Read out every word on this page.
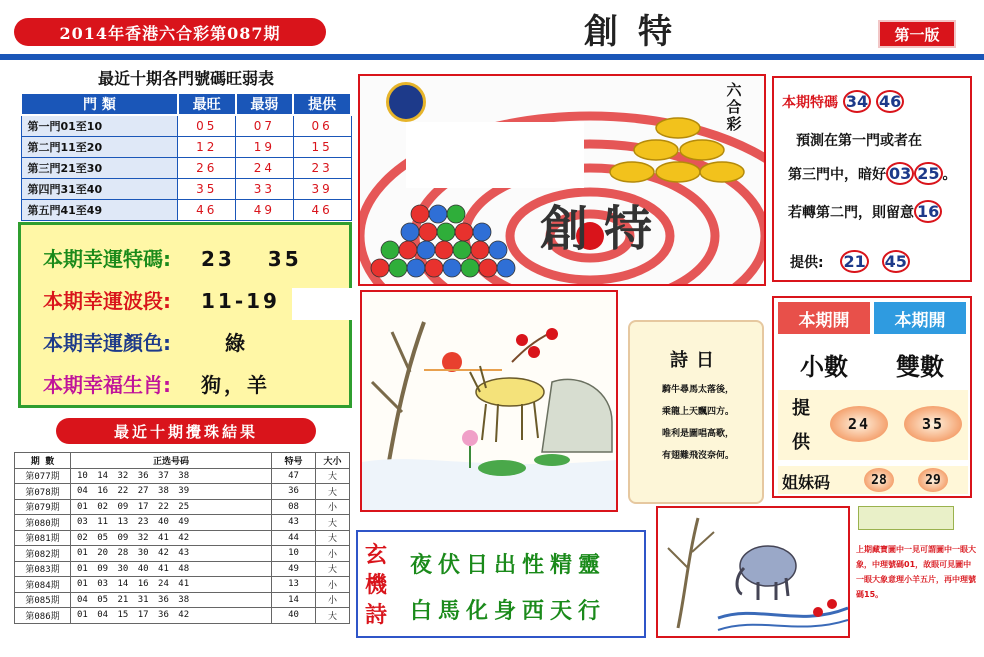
2014年香港六合彩第087期	創特	第一版
最近十期各門號碼旺弱表
門 類	最旺	最弱	提供
第一門01至10	05	07	06
第二門11至20	12	19	15
第三門21至30	26	24	23
第四門31至40	35	33	39
第五門41至49	46	49	46
本期幸運特碼:	23　 35
本期幸運波段:	11-19
本期幸運顏色:	綠
本期幸福生肖:	狗，羊
最近十期攪珠結果
期 數	正选号码	特号	大小
第077期	10 14 32 36 37 38	47	大
第078期	04 16 22 27 38 39	36	大
第079期	01 02 09 17 22 25	08	小
第080期	03 11 13 23 40 49	43	大
第081期	02 05 09 32 41 42	44	大
第082期	01 20 28 30 42 43	10	小
第083期	01 09 30 40 41 48	49	大
第084期	01 03 14 16 24 41	13	小
第085期	04 05 21 31 36 38	14	小
第086期	01 04 15 17 36 42	40	大
六合彩
創特
本期特碼 34 46
預測在第一門或者在
第三門中，暗好 03 25 。
若轉第二門，則留意 16
提供: 21 45
詩日
騎牛尋馬太落後，
乘龍上天飄四方。
唯利是圖唱高歌，
有翅難飛沒奈何。
本期開	本期開
小數	雙數
提
供
24	35
姐妹码	28	29
玄機詩
夜伏日出性精靈
白馬化身西天行
上期藏寶圖中一見可謂圖中一眼大象，中理號碼01，故眼可見圖中一眼大象意理小羊五片，再中理號碼15。
